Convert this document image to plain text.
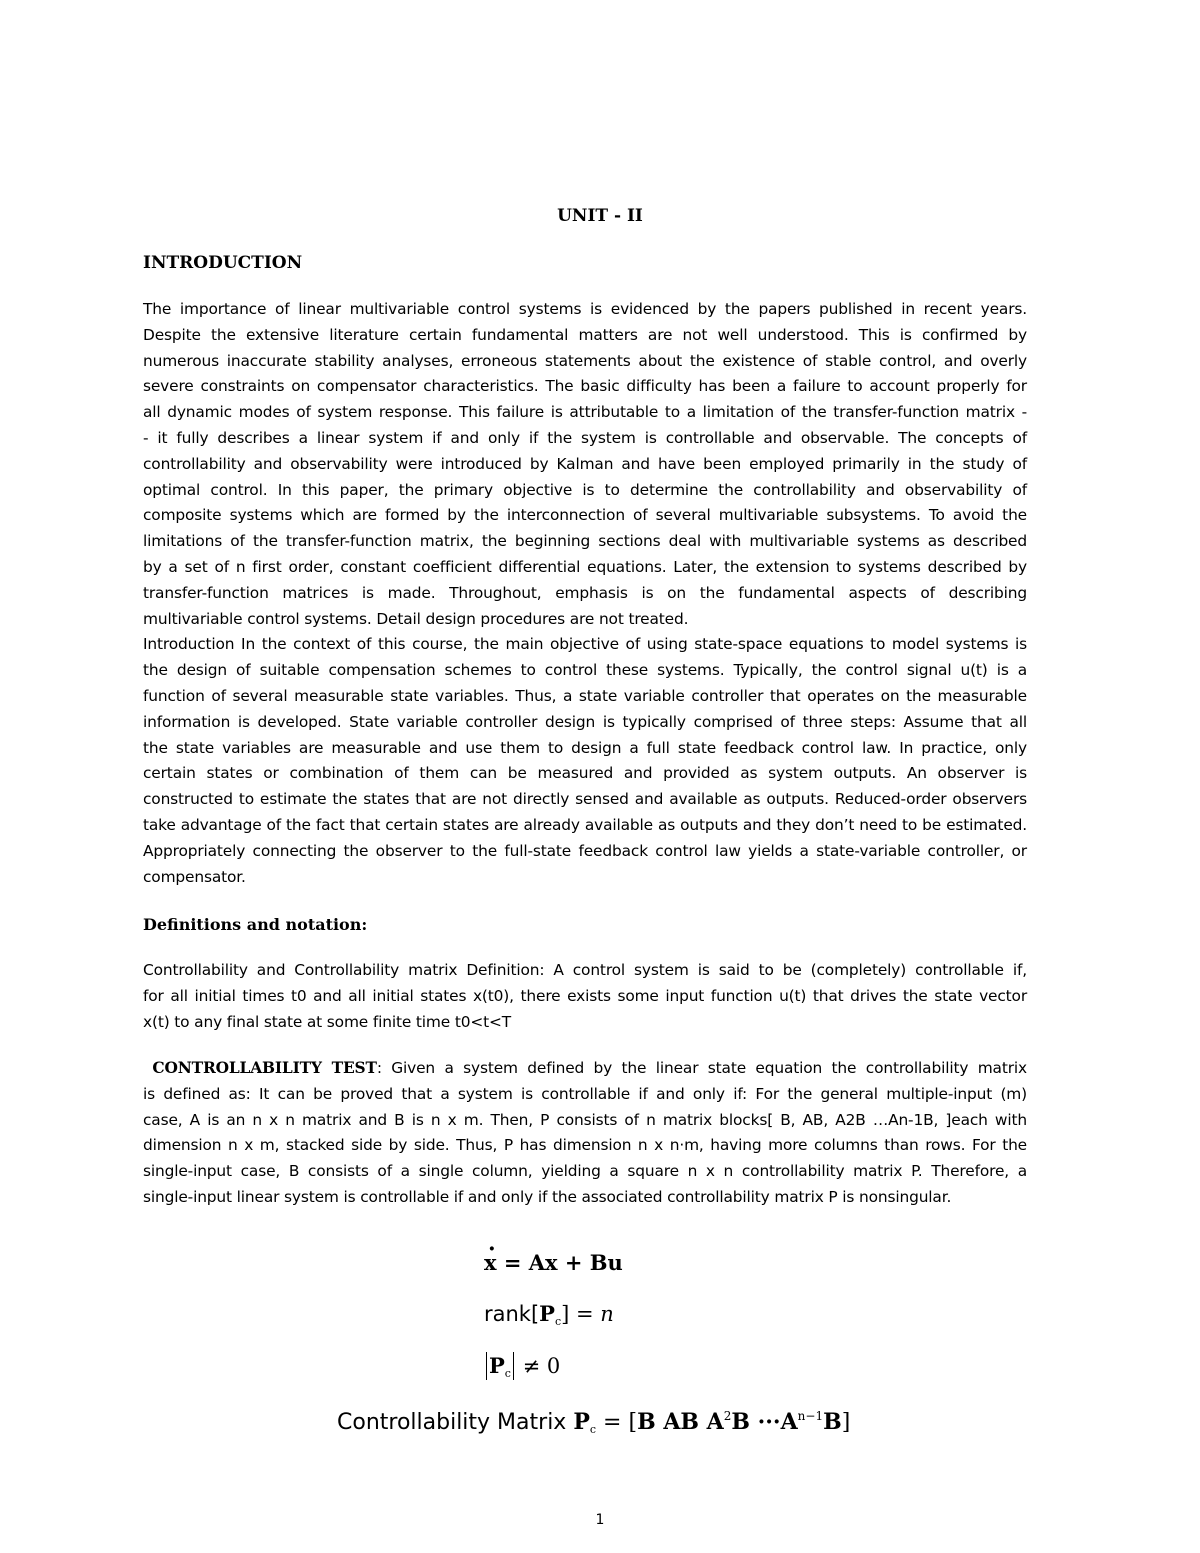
UNIT - II
INTRODUCTION
The importance of linear multivariable control systems is evidenced by the papers published in recent years.
Despite the extensive literature certain fundamental matters are not well understood. This is confirmed by
numerous inaccurate stability analyses, erroneous statements about the existence of stable control, and overly
severe constraints on compensator characteristics. The basic difficulty has been a failure to account properly for
all dynamic modes of system response. This failure is attributable to a limitation of the transfer-function matrix -
- it fully describes a linear system if and only if the system is controllable and observable. The concepts of
controllability and observability were introduced by Kalman and have been employed primarily in the study of
optimal control. In this paper, the primary objective is to determine the controllability and observability of
composite systems which are formed by the interconnection of several multivariable subsystems. To avoid the
limitations of the transfer-function matrix, the beginning sections deal with multivariable systems as described
by a set of n first order, constant coefficient differential equations. Later, the extension to systems described by
transfer-function matrices is made. Throughout, emphasis is on the fundamental aspects of describing
multivariable control systems. Detail design procedures are not treated.
Introduction In the context of this course, the main objective of using state-space equations to model systems is
the design of suitable compensation schemes to control these systems. Typically, the control signal u(t) is a
function of several measurable state variables. Thus, a state variable controller that operates on the measurable
information is developed. State variable controller design is typically comprised of three steps: Assume that all
the state variables are measurable and use them to design a full state feedback control law. In practice, only
certain states or combination of them can be measured and provided as system outputs. An observer is
constructed to estimate the states that are not directly sensed and available as outputs. Reduced-order observers
take advantage of the fact that certain states are already available as outputs and they don’t need to be estimated.
Appropriately connecting the observer to the full-state feedback control law yields a state-variable controller, or
compensator.
Definitions and notation:
Controllability and Controllability matrix Definition: A control system is said to be (completely) controllable if,
for all initial times t0 and all initial states x(t0), there exists some input function u(t) that drives the state vector
x(t) to any final state at some finite time t0<t<T
CONTROLLABILITY TEST: Given a system defined by the linear state equation the controllability matrix
is defined as: It can be proved that a system is controllable if and only if: For the general multiple-input (m)
case, A is an n x n matrix and B is n x m. Then, P consists of n matrix blocks[ B, AB, A2B …An-1B, ]each with
dimension n x m, stacked side by side. Thus, P has dimension n x n·m, having more columns than rows. For the
single-input case, B consists of a single column, yielding a square n x n controllability matrix P. Therefore, a
single-input linear system is controllable if and only if the associated controllability matrix P is nonsingular.
· x = Ax + Bu
$rank[P_c] = n$
$P_c \ne 0$
Controllability Matrix $P_c = [B$ AB $A^2B \cdot\cdot\cdot A^{n-1}B$]
1
